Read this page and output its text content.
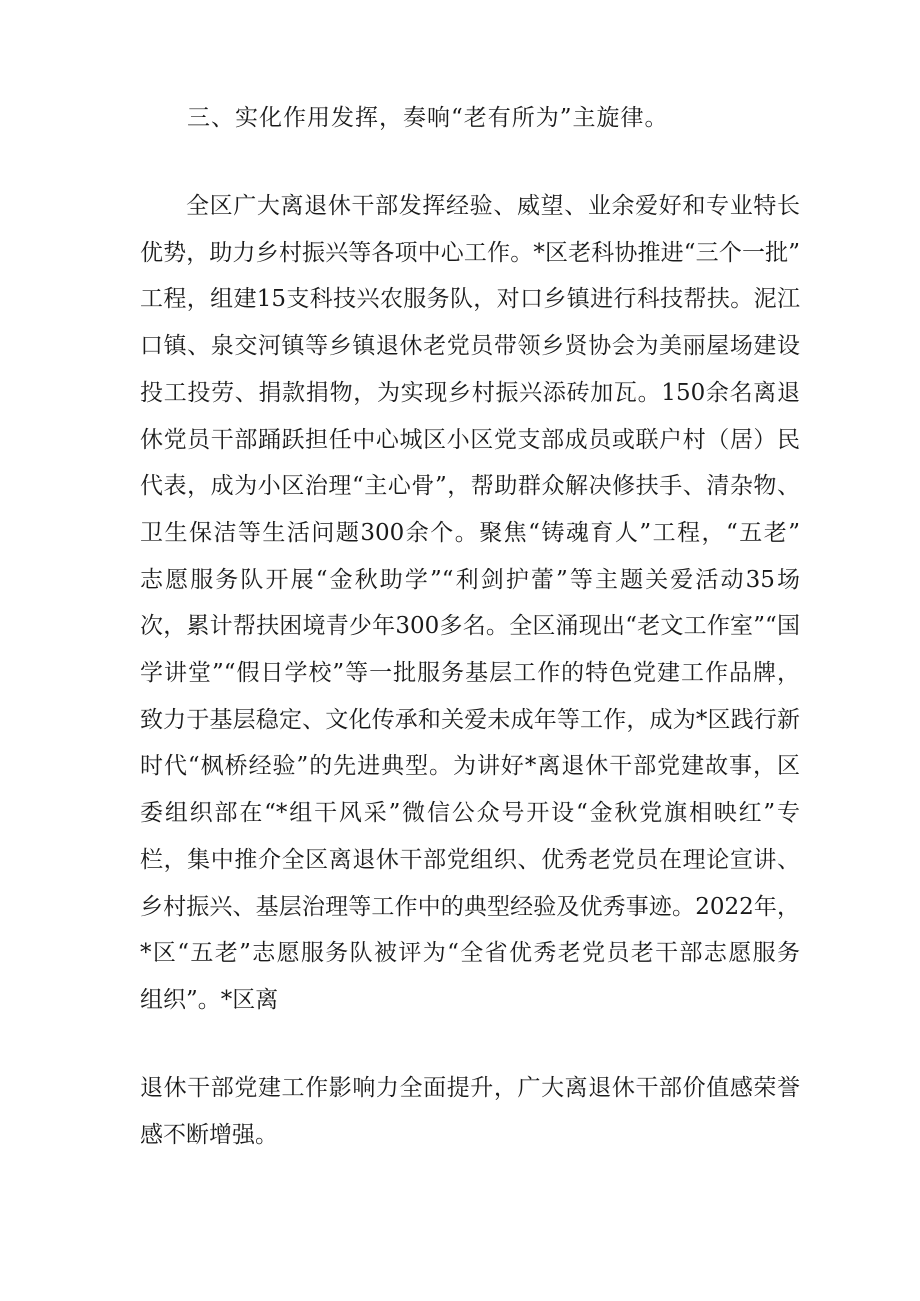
三、实化作用发挥，奏响“老有所为”主旋律。
全区广大离退休干部发挥经验、威望、业余爱好和专业特长
优势，助力乡村振兴等各项中心工作。*区老科协推进“三个一批”
工程，组建15支科技兴农服务队，对口乡镇进行科技帮扶。泥江
口镇、泉交河镇等乡镇退休老党员带领乡贤协会为美丽屋场建设
投工投劳、捐款捐物，为实现乡村振兴添砖加瓦。150余名离退
休党员干部踊跃担任中心城区小区党支部成员或联户村（居）民
代表，成为小区治理“主心骨”，帮助群众解决修扶手、清杂物、
卫生保洁等生活问题300余个。聚焦“铸魂育人”工程，“五老”
志愿服务队开展“金秋助学”“利剑护蕾”等主题关爱活动35场
次，累计帮扶困境青少年300多名。全区涌现出“老文工作室”“国
学讲堂”“假日学校”等一批服务基层工作的特色党建工作品牌，
致力于基层稳定、文化传承和关爱未成年等工作，成为*区践行新
时代“枫桥经验”的先进典型。为讲好*离退休干部党建故事，区
委组织部在“*组干风采”微信公众号开设“金秋党旗相映红”专
栏，集中推介全区离退休干部党组织、优秀老党员在理论宣讲、
乡村振兴、基层治理等工作中的典型经验及优秀事迹。2022年，
*区“五老”志愿服务队被评为“全省优秀老党员老干部志愿服务
组织”。*区离
退休干部党建工作影响力全面提升，广大离退休干部价值感荣誉
感不断增强。
